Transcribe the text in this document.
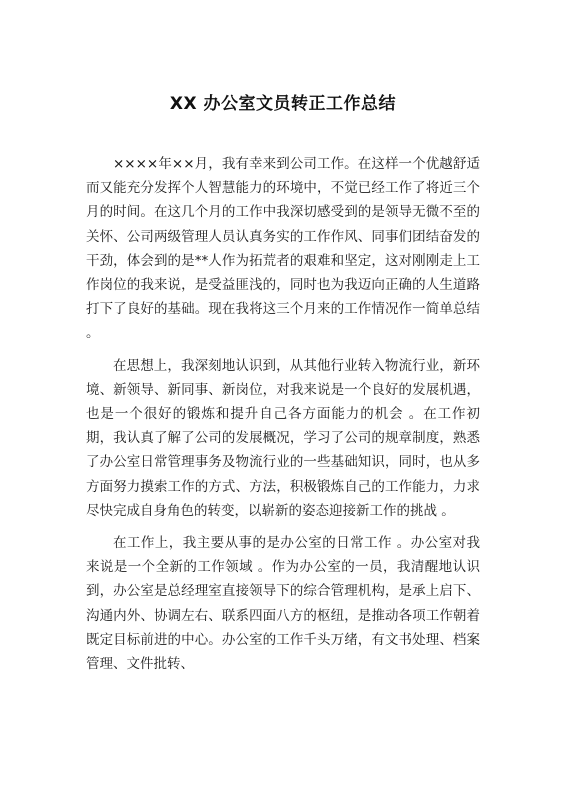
XX 办公室文员转正工作总结

××××年××月，我有幸来到公司工作。在这样一个优越舒适而又能充分发挥个人智慧能力的环境中，不觉已经工作了将近三个月的时间。在这几个月的工作中我深切感受到的是领导无微不至的关怀、公司两级管理人员认真务实的工作作风、同事们团结奋发的干劲，体会到的是**人作为拓荒者的艰难和坚定，这对刚刚走上工作岗位的我来说，是受益匪浅的，同时也为我迈向正确的人生道路打下了良好的基础。现在我将这三个月来的工作情况作一简单总结 。

在思想上，我深刻地认识到，从其他行业转入物流行业，新环境、新领导、新同事、新岗位，对我来说是一个良好的发展机遇，也是一个很好的锻炼和提升自己各方面能力的机会 。在工作初期，我认真了解了公司的发展概况，学习了公司的规章制度，熟悉了办公室日常管理事务及物流行业的一些基础知识，同时，也从多方面努力摸索工作的方式、方法，积极锻炼自己的工作能力，力求尽快完成自身角色的转变，以崭新的姿态迎接新工作的挑战 。

在工作上，我主要从事的是办公室的日常工作 。办公室对我来说是一个全新的工作领域 。作为办公室的一员，我清醒地认识到，办公室是总经理室直接领导下的综合管理机构，是承上启下、沟通内外、协调左右、联系四面八方的枢纽，是推动各项工作朝着既定目标前进的中心。办公室的工作千头万绪，有文书处理、档案管理、文件批转、
